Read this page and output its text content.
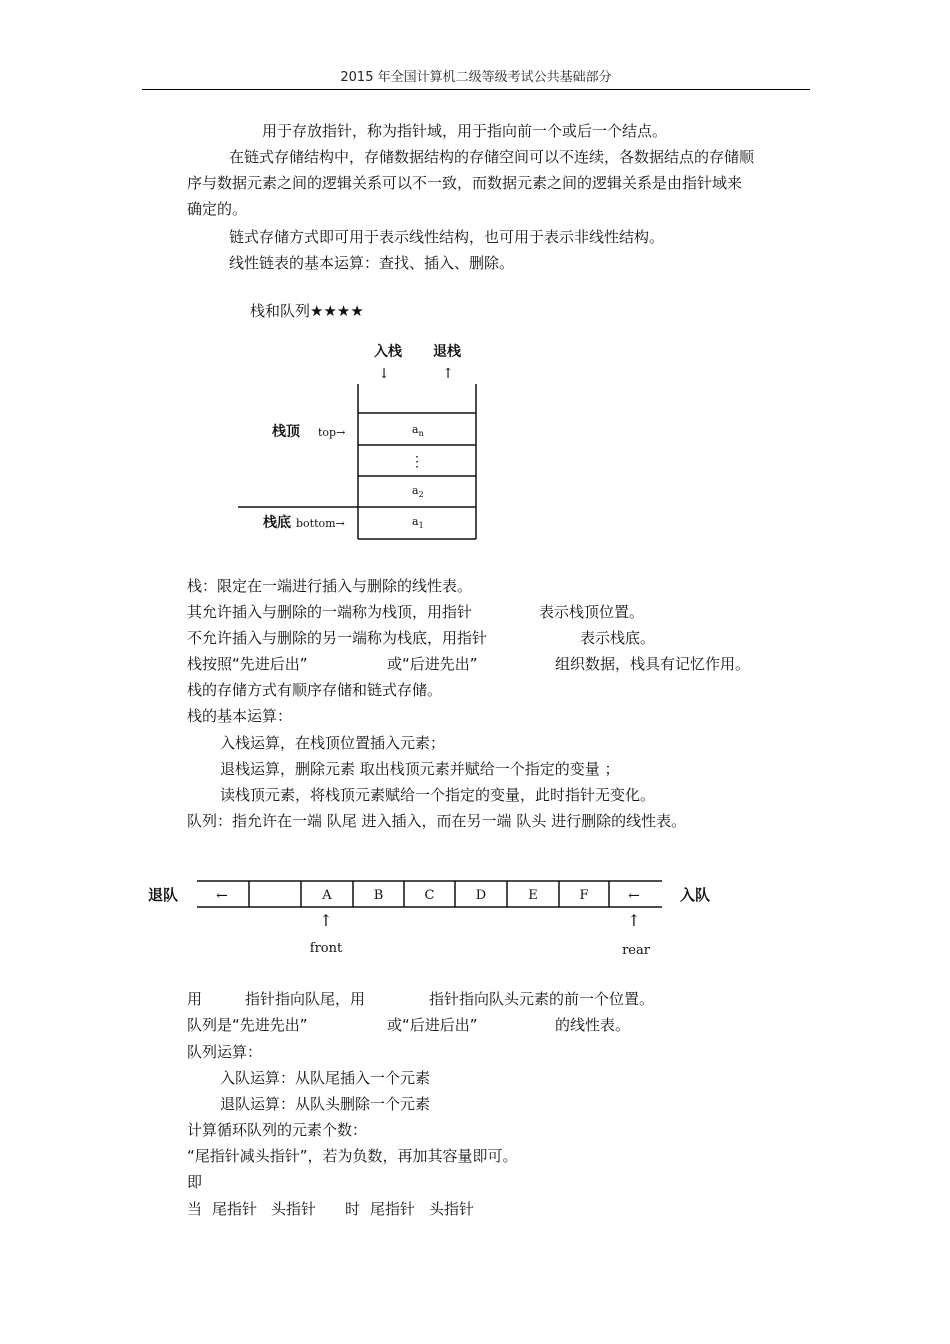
2015 年全国计算机二级等级考试公共基础部分
用于存放指针，称为指针域，用于指向前一个或后一个结点。
在链式存储结构中，存储数据结构的存储空间可以不连续，各数据结点的存储顺
序与数据元素之间的逻辑关系可以不一致，而数据元素之间的逻辑关系是由指针域来
确定的。
链式存储方式即可用于表示线性结构，也可用于表示非线性结构。
线性链表的基本运算：查找、插入、删除。
栈和队列★★★★
入栈 退栈
↓	↑
栈顶 top→
栈底 bottom→
$a_n$
⋮
$a_2$
$a_1$
退队	入队
←	A	B	C	D	E	F	←
↑	↑
front	rear
栈：限定在一端进行插入与删除的线性表。
其允许插入与删除的一端称为栈顶，用指针	表示栈顶位置。
不允许插入与删除的另一端称为栈底，用指针	表示栈底。
栈按照“先进后出”	或“后进先出”	组织数据，栈具有记忆作用。
栈的存储方式有顺序存储和链式存储。
栈的基本运算：
入栈运算，在栈顶位置插入元素；
退栈运算，删除元素 取出栈顶元素并赋给一个指定的变量 ；
读栈顶元素，将栈顶元素赋给一个指定的变量，此时指针无变化。
队列：指允许在一端 队尾 进入插入，而在另一端 队头 进行删除的线性表。
用	指针指向队尾，用	指针指向队头元素的前一个位置。
队列是“先进先出”	或“后进后出”	的线性表。
队列运算：
入队运算：从队尾插入一个元素
退队运算：从队头删除一个元素
计算循环队列的元素个数：
“尾指针减头指针”，若为负数，再加其容量即可。
即
当 尾指针 头指针 时 尾指针 头指针
